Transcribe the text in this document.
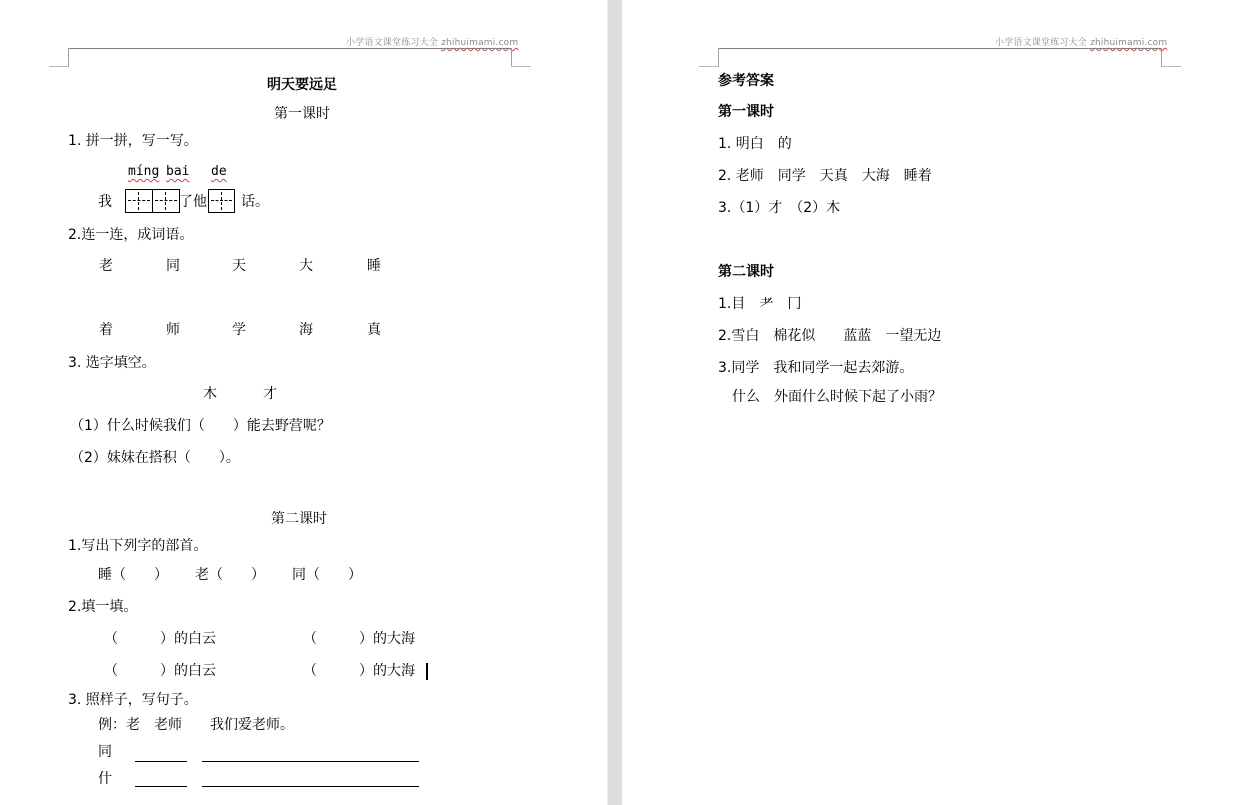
小学语文课堂练习大全 zhihuimami.com
明天要远足
第一课时
1. 拼一拼，写一写。
míng bai de
我	了他 话。
2.连一连，成词语。
老	同	天	大	睡
着	师	学	海	真
3. 选字填空。
木	才
（1）什么时候我们（　　）能去野营呢？
（2）妹妹在搭积（　　）。
第二课时
1.写出下列字的部首。
睡（　　） 老（　　） 同（　　）
2.填一填。
（　　　）的白云	（　　　）的大海
（　　　）的白云	（　　　）的大海
3. 照样子，写句子。
例：老　老师　　我们爱老师。
同
什
小学语文课堂练习大全 zhihuimami.com
参考答案
第一课时
1. 明白　的
2. 老师　同学　天真　大海　睡着
3.（1）才　（2）木
第二课时
1.目　耂　冂
2.雪白　棉花似　　蓝蓝　一望无边
3.同学　我和同学一起去郊游。
　什么　外面什么时候下起了小雨？
